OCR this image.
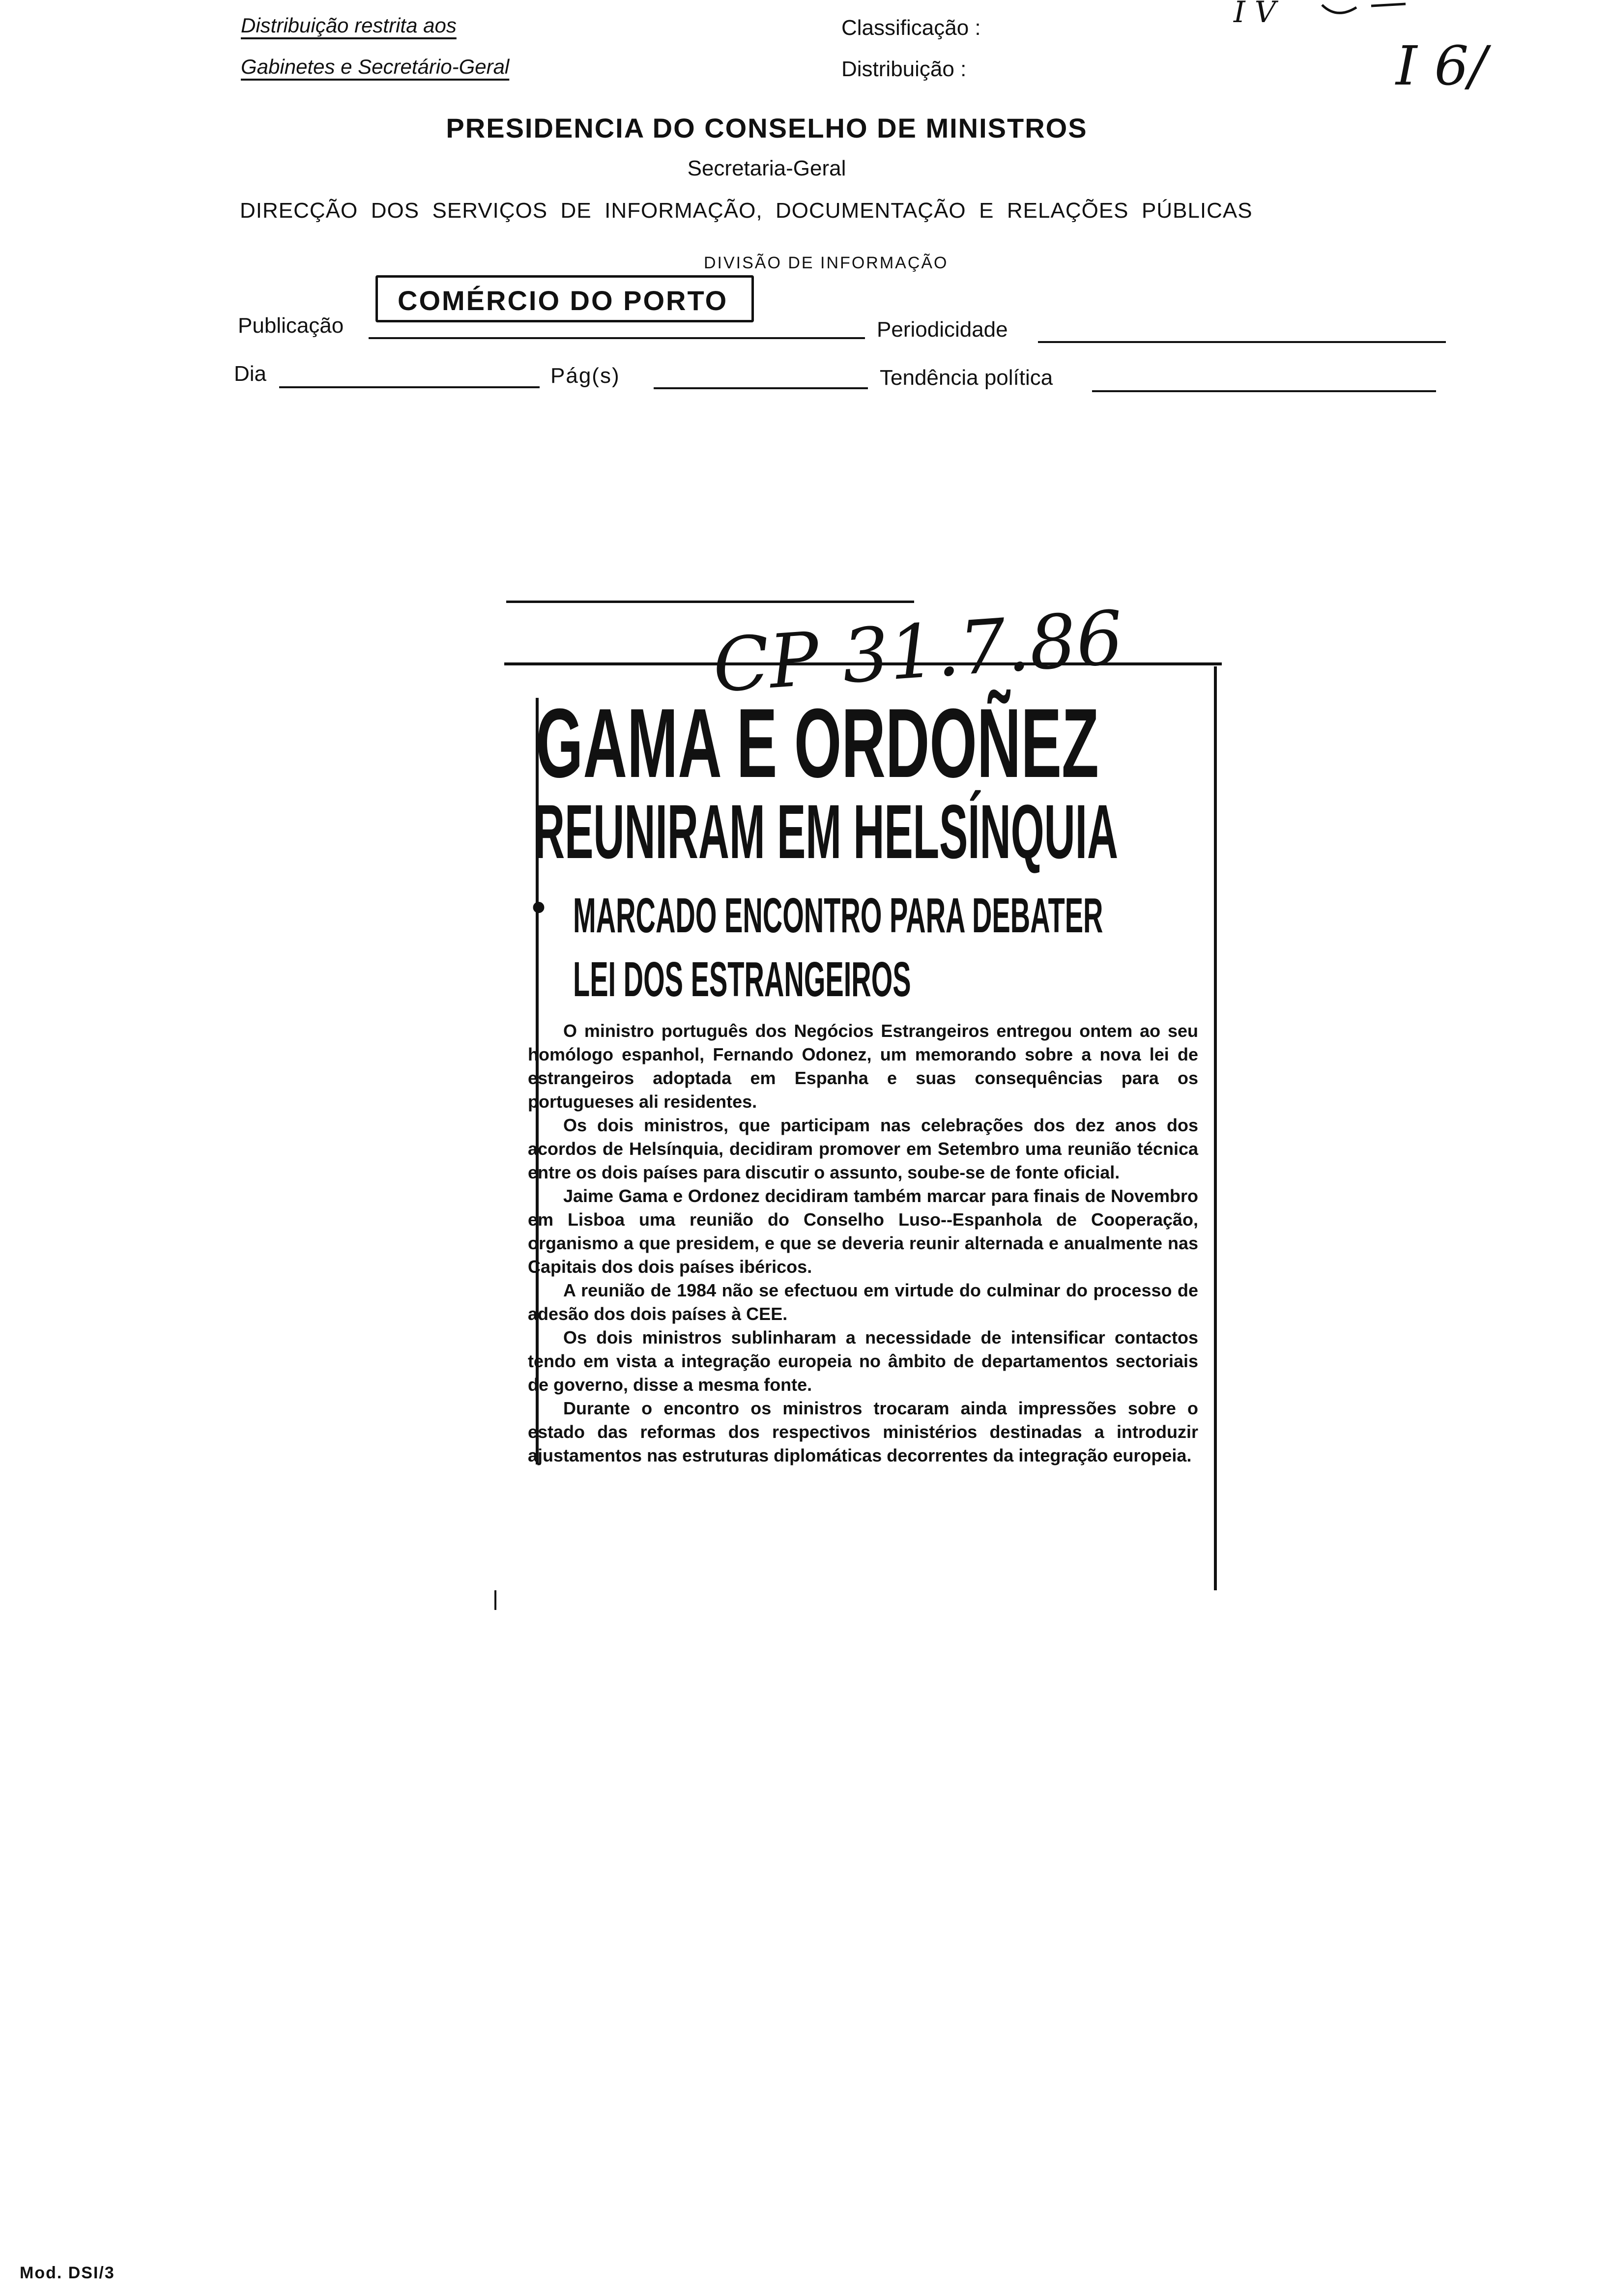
Distribuição restrita aos
Gabinetes e Secretário-Geral
Classificação :
Distribuição :
I V
I 6/
PRESIDENCIA DO CONSELHO DE MINISTROS
Secretaria-Geral
DIRECÇÃO  DOS  SERVIÇOS  DE  INFORMAÇÃO,  DOCUMENTAÇÃO  E  RELAÇÕES  PÚBLICAS
DIVISÃO DE INFORMAÇÃO
Publicação
COMÉRCIO DO PORTO
Periodicidade
Dia	Pág(s)	Tendência política
CP 31.7.86
GAMA E ORDOÑEZ
REUNIRAM EM HELSÍNQUIA
• MARCADO ENCONTRO PARA DEBATER
LEI DOS ESTRANGEIROS

O ministro português dos Negócios Estrangeiros entregou ontem ao seu homólogo espanhol, Fernando Odonez, um memorando sobre a nova lei de estrangeiros adoptada em Espanha e suas consequências para os portugueses ali residentes.

Os dois ministros, que participam nas celebrações dos dez anos dos acordos de Helsínquia, decidiram promover em Setembro uma reunião técnica entre os dois países para discutir o assunto, soube-se de fonte oficial.

Jaime Gama e Ordonez decidiram também marcar para finais de Novembro em Lisboa uma reunião do Conselho Luso--Espanhola de Cooperação, organismo a que presidem, e que se deveria reunir alternada e anualmente nas Capitais dos dois países ibéricos.

A reunião de 1984 não se efectuou em virtude do culminar do processo de adesão dos dois países à CEE.

Os dois ministros sublinharam a necessidade de intensificar contactos tendo em vista a integração europeia no âmbito de departamentos sectoriais de governo, disse a mesma fonte.

Durante o encontro os ministros trocaram ainda impressões sobre o estado das reformas dos respectivos ministérios destinadas a introduzir ajustamentos nas estruturas diplomáticas decorrentes da integração europeia.

Mod. DSI/3
